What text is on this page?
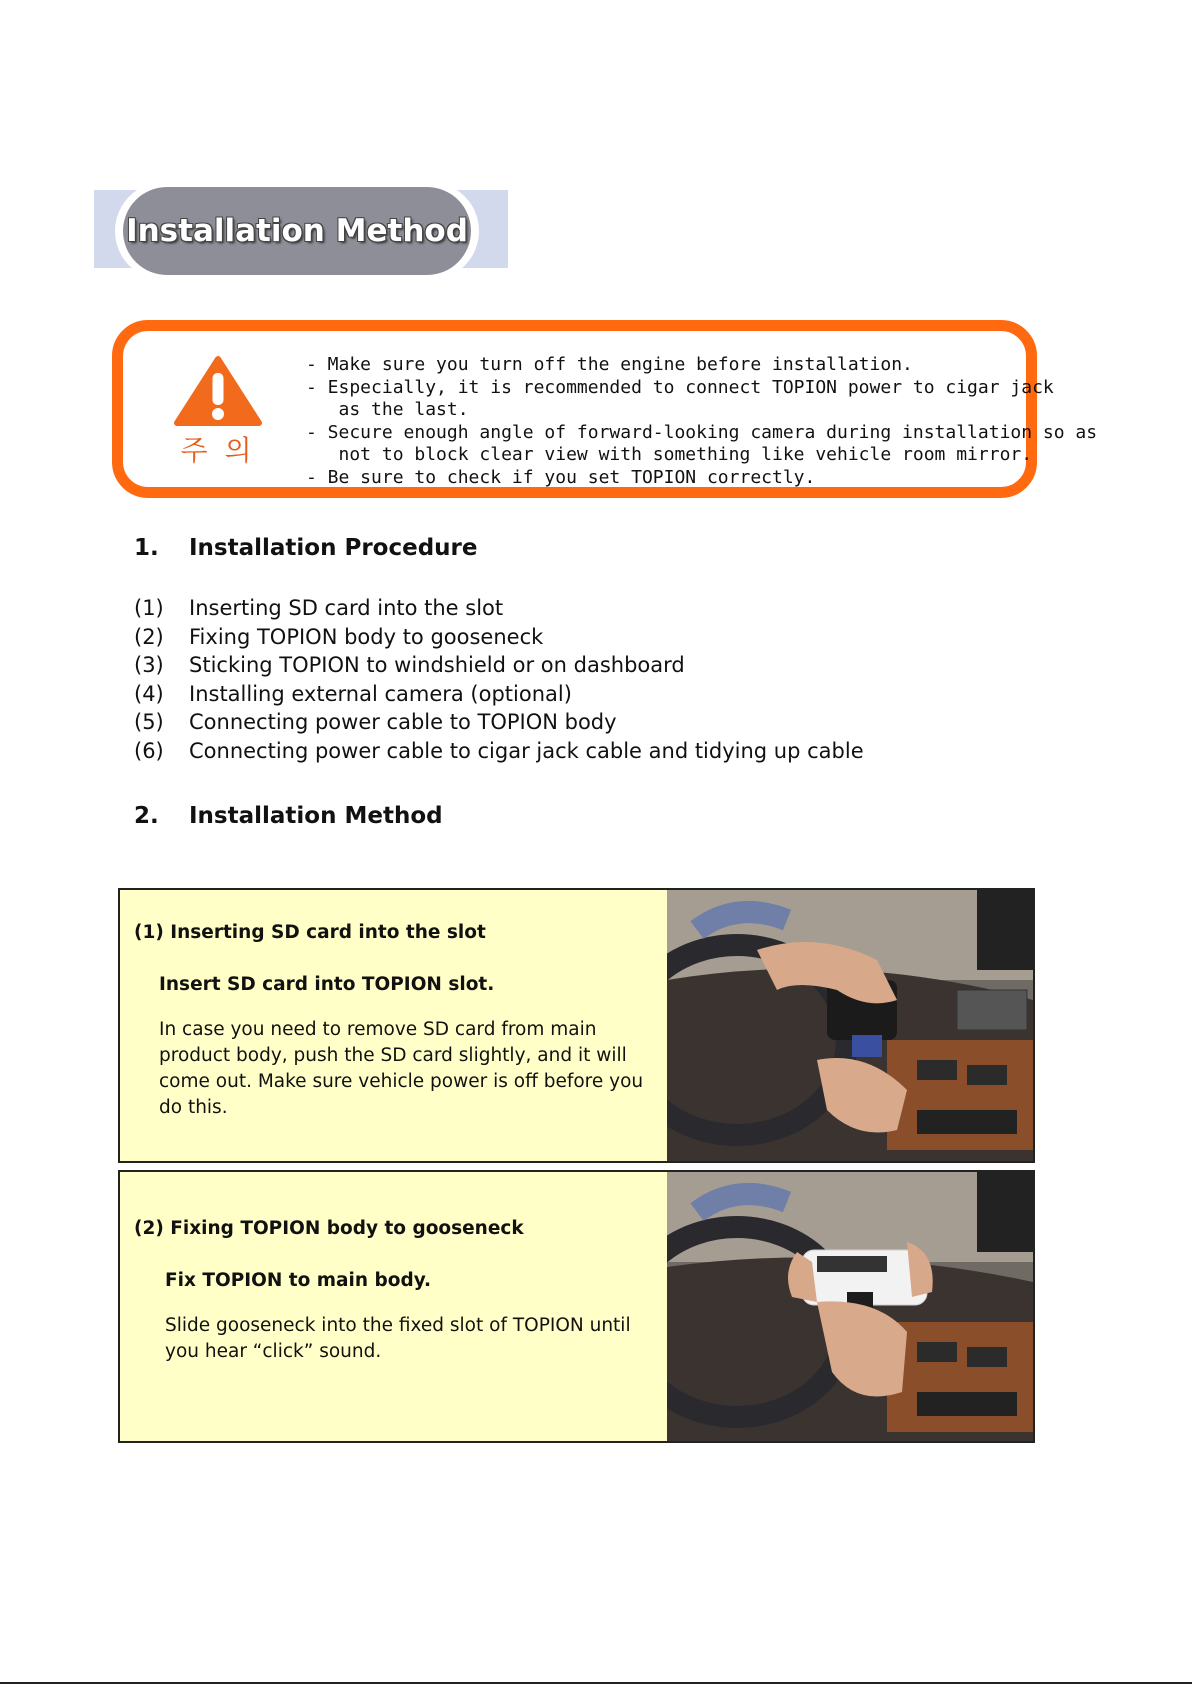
Installation Method
주 의
- Make sure you turn off the engine before installation.
- Especially, it is recommended to connect TOPION power to cigar jack
as the last.
- Secure enough angle of forward-looking camera during installation so as
not to block clear view with something like vehicle room mirror.
- Be sure to check if you set TOPION correctly.
1. Installation Procedure
(1) Inserting SD card into the slot
(2) Fixing TOPION body to gooseneck
(3) Sticking TOPION to windshield or on dashboard
(4) Installing external camera (optional)
(5) Connecting power cable to TOPION body
(6) Connecting power cable to cigar jack cable and tidying up cable
2. Installation Method
(1) Inserting SD card into the slot
Insert SD card into TOPION slot.
In case you need to remove SD card from main product body, push the SD card slightly, and it will come out. Make sure vehicle power is off before you do this.
(2) Fixing TOPION body to gooseneck
Fix TOPION to main body.
Slide gooseneck into the fixed slot of TOPION until you hear “click” sound.
